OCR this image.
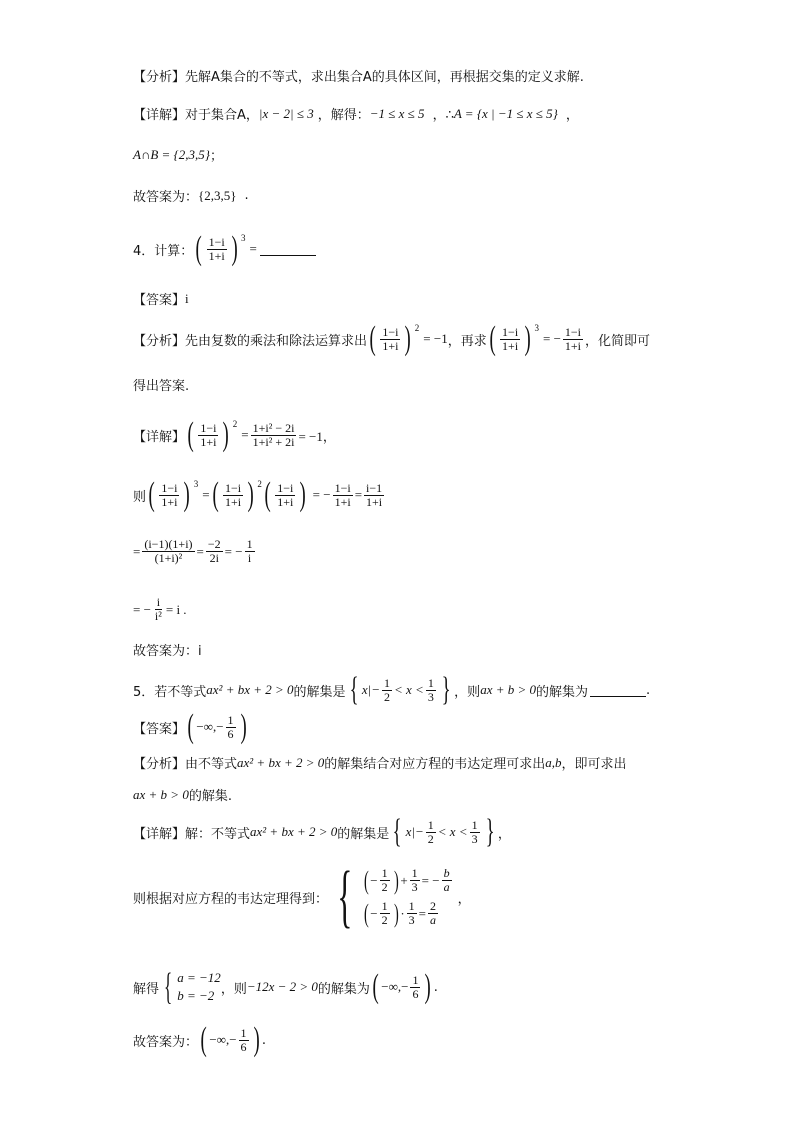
【分析】先解A集合的不等式，求出集合A的具体区间，再根据交集的定义求解.
【详解】对于集合A， |x − 2| ≤ 3 ，解得： −1 ≤ x ≤ 5 ，∴ A = {x | −1 ≤ x ≤ 5} ，
A∩B = {2,3,5} ；
故答案为： {2,3,5} .
4．计算： ( $\frac{1-i}{1+i}$ ) 3
=
【答案】 i
【分析】先由复数的乘法和除法运算求出 ( $\frac{1-i}{1+i}$ ) 2
= −1 ，再求 ( $\frac{1-i}{1+i}$ ) 3
= − $\frac{1-i}{1+i}$ ，化简即可
得出答案.
【详解】 ( $\frac{1-i}{1+i}$ ) 2
= $\frac{\text{1+i² − 2i}}{\text{1+i² + 2i}} = -1$，
则 ( $\frac{1-i}{1+i}$ ) 3
= ( $\frac{1-i}{1+i}$ ) 2 ( $\frac{1-i}{1+i}$ ) = − $\frac{1-i}{1+i} = \frac{i-1}{1+i}$
= $\frac{(i-1)(1+i)}{\text{(1+i)²}} = \frac{-2}{2i}$ = − $\frac{1}{i}$
= − $\frac{i}{\text{i²}} = i$ .
故答案为：i
5．若不等式 ax² + bx + 2 > 0 的解集是 { $x|- \frac{1}{2} < x < \frac{1}{3}$ } ，则 ax + b > 0 的解集为	.
【答案】 ( −∞,− $\frac{1}{6}$ )
【分析】由不等式 ax² + bx + 2 > 0 的解集结合对应方程的韦达定理可求出 a,b ，即可求出
ax + b > 0 的解集.
【详解】解：不等式 ax² + bx + 2 > 0 的解集是 { $x|- \frac{1}{2} < x < \frac{1}{3}$ } ，
则根据对应方程的韦达定理得到： { ( − $\frac{1}{2}$ ) + $\frac{1}{3}$ = − $\frac{b}{a}$
( − $\frac{1}{2}$ ) · $\frac{1}{3} = \frac{2}{a}$
，
解得 { a = −12
b = −2 ，则 −12x − 2 > 0 的解集为 ( −∞,− $\frac{1}{6}$ ) .
故答案为： ( −∞,− $\frac{1}{6}$ ) .
